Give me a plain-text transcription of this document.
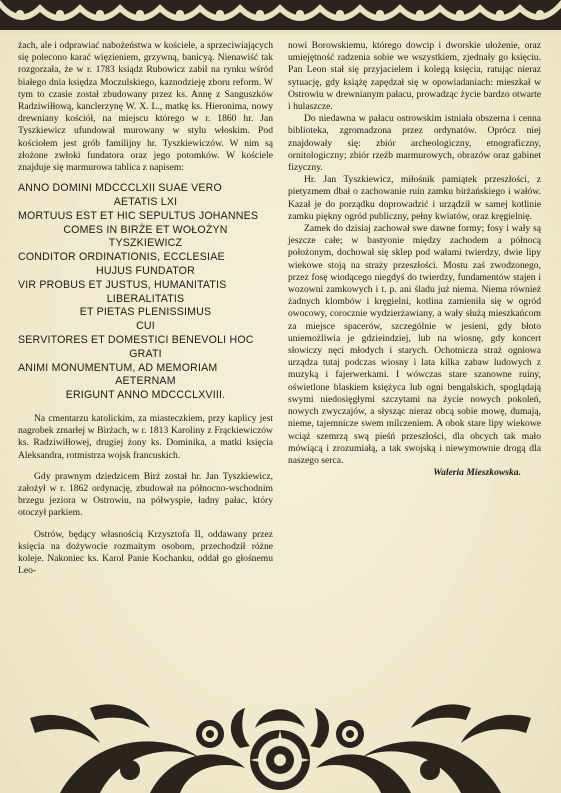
żach, ale i odprawiać nabożeństwa w kościele, a sprzeciwiających się polecono karać więzieniem, grzywną, banicyą. Nienawiść tak rozgorzała, że w r. 1783 ksiądz Rubowicz zabił na rynku wśród białego dnia księdza Moczulskiego, kaznodzieję zboru reform. W tym to czasie został zbudowany przez ks. Annę z Sanguszków Radziwiłłową, kanclerzynę W. X. L., matkę ks. Hieronima, nowy drewniany kościół, na miejscu którego w r. 1860 hr. Jan Tyszkiewicz ufundował murowany w stylu włoskim. Pod kościołem jest grób familijny hr. Tyszkiewiczów. W nim są złożone zwłoki fundatora oraz jego potomków. W kościele znajduje się marmurowa tablica z napisem:

ANNO DOMINI MDCCCLXII SUAE VERO
AETATIS LXI
MORTUUS EST ET HIC SEPULTUS JOHANNES
COMES IN BIRŻE ET WOŁOŻYN
TYSZKIEWICZ
CONDITOR ORDINATIONIS, ECCLESIAE
HUJUS FUNDATOR
VIR PROBUS ET JUSTUS, HUMANITATIS
LIBERALITATIS
ET PIETAS PLENISSIMUS
CUI
SERVITORES ET DOMESTICI BENEVOLI HOC
GRATI
ANIMI MONUMENTUM, AD MEMORIAM
AETERNAM
ERIGUNT ANNO MDCCCLXVIII.

Na cmentarzu katolickim, za miasteczkiem, przy kaplicy jest nagrobek zmarłej w Birżach, w r. 1813 Karoliny z Frąckiewiczów ks. Radziwiłłowej, drugiej żony ks. Dominika, a matki księcia Aleksandra, rotmistrza wojsk francuskich.

Gdy prawnym dziedzicem Birż został hr. Jan Tyszkiewicz, założył w r. 1862 ordynację, zbudował na północno-wschodnim brzegu jeziora w Ostrowiu, na półwyspie, ładny pałac, który otoczył parkiem.

Ostrów, będący własnością Krzysztofa II, oddawany przez księcia na dożywocie rozmaitym osobom, przechodził różne koleje. Nakoniec ks. Karol Panie Kochanku, oddał go głośnemu Leo-

nowi Borowskiemu, którego dowcip i dworskie ułożenie, oraz umiejętność radzenia sobie we wszystkiem, zjednały go księciu. Pan Leon stał się przyjacielem i kolegą księcia, ratując nieraz sytuację, gdy książę zapędzał się w opowiadaniach: mieszkał w Ostrowiu w drewnianym pałacu, prowadząc życie bardzo otwarte i hulaszcze.

Do niedawna w pałacu ostrowskim istniała obszerna i cenna biblioteka, zgromadzona przez ordynatów. Oprócz niej znajdowały się: zbiór archeologiczny, etnograficzny, ornitologiczny; zbiór rzeźb marmurowych, obrazów oraz gabinet fizyczny.

Hr. Jan Tyszkiewicz, miłośnik pamiątek przeszłości, z pietyzmem dbał o zachowanie ruin zamku birżańskiego i wałów. Kazał je do porządku doprowadzić i urządził w samej kotlinie zamku piękny ogród publiczny, pełny kwiatów, oraz kręgielnię.

Zamek do dzisiaj zachował swe dawne formy; fosy i wały są jeszcze całe; w bastyonie między zachodem a północą położonym, dochował się sklep pod wałami twierdzy, dwie lipy wiekowe stoją na straży przeszłości. Mostu zaś zwodzonego, przez fosę wiodącego niegdyś do twierdzy, fundamentów stajen i wozowni zamkowych i t. p. ani śladu już niema. Niema również żadnych klombów i kręgielni, kotlina zamieniła się w ogród owocowy, corocznie wydzierżawiany, a wały służą mieszkańcom za miejsce spacerów, szczególnie w jesieni, gdy błoto uniemożliwia je gdzieindziej, lub na wiosnę, gdy koncert słowiczy nęci młodych i starych. Ochotnicza straż ogniowa urządza tutaj podczas wiosny i lata kilka zabaw ludowych z muzyką i fajerwerkami. I wówczas stare szanowne ruiny, oświetlone blaskiem księżyca lub ogni bengalskich, spoglądają swymi niedosięgłymi szczytami na życie nowych pokoleń, nowych zwyczajów, a słysząc nieraz obcą sobie mowę, dumają, nieme, tajemnicze swem milczeniem. A obok stare lipy wiekowe wciąż szemrzą swą pieśń przeszłości, dla obcych tak mało mówiącą i zrozumiałą, a tak swojską i niewymownie drogą dla naszego serca.

Waleria Mieszkowska.
